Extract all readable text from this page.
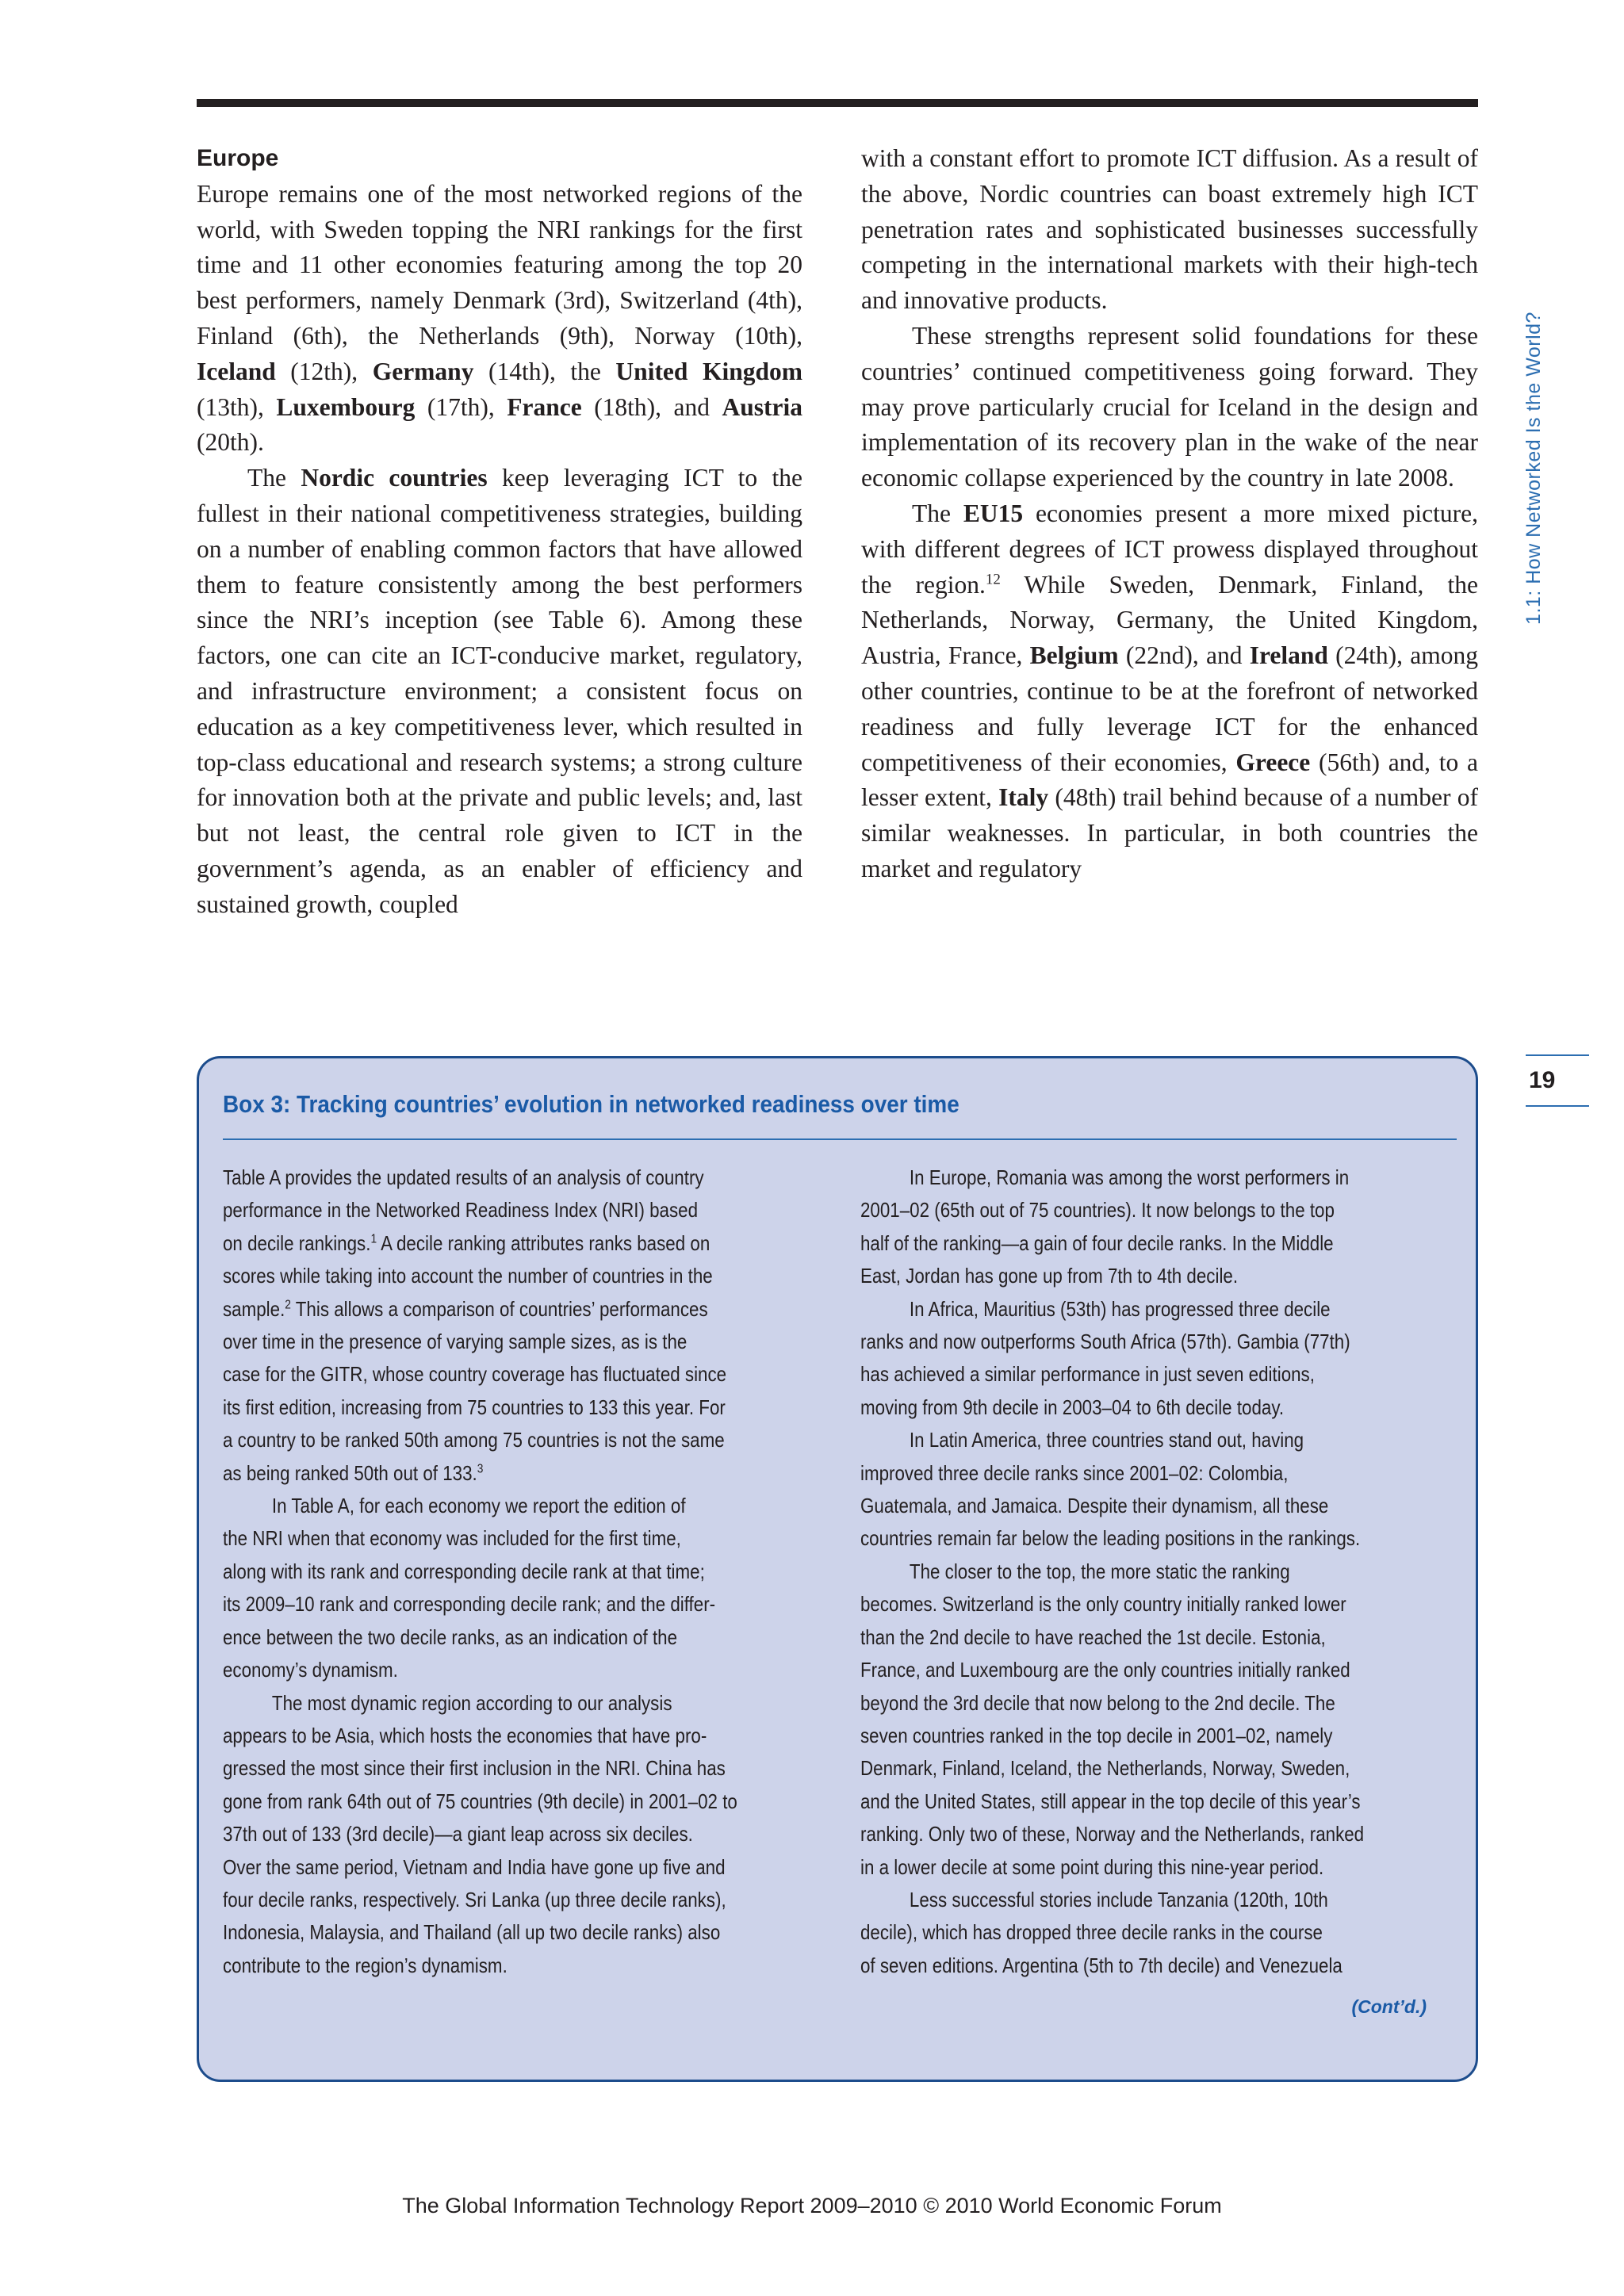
1.1: How Networked Is the World?
19
Europe

Europe remains one of the most networked regions of the world, with Sweden topping the NRI rankings for the first time and 11 other economies featuring among the top 20 best performers, namely Denmark (3rd), Switzerland (4th), Finland (6th), the Netherlands (9th), Norway (10th), Iceland (12th), Germany (14th), the United Kingdom (13th), Luxembourg (17th), France (18th), and Austria (20th).

The Nordic countries keep leveraging ICT to the fullest in their national competitiveness strategies, building on a number of enabling common factors that have allowed them to feature consistently among the best performers since the NRI’s inception (see Table 6). Among these factors, one can cite an ICT-conducive market, regulatory, and infrastructure environment; a consistent focus on education as a key competitiveness lever, which resulted in top-class educational and research systems; a strong culture for innovation both at the private and public levels; and, last but not least, the central role given to ICT in the government’s agenda, as an enabler of efficiency and sustained growth, coupled

with a constant effort to promote ICT diffusion. As a result of the above, Nordic countries can boast extremely high ICT penetration rates and sophisticated businesses successfully competing in the international markets with their high-tech and innovative products.

These strengths represent solid foundations for these countries’ continued competitiveness going forward. They may prove particularly crucial for Iceland in the design and implementation of its recovery plan in the wake of the near economic collapse experienced by the country in late 2008.

The EU15 economies present a more mixed picture, with different degrees of ICT prowess displayed throughout the region.$^{12}$ While Sweden, Denmark, Finland, the Netherlands, Norway, Germany, the United Kingdom, Austria, France, Belgium (22nd), and Ireland (24th), among other countries, continue to be at the forefront of networked readiness and fully leverage ICT for the enhanced competitiveness of their economies, Greece (56th) and, to a lesser extent, Italy (48th) trail behind because of a number of similar weaknesses. In particular, in both countries the market and regulatory

Box 3: Tracking countries’ evolution in networked readiness over time

Table A provides the updated results of an analysis of country

performance in the Networked Readiness Index (NRI) based

on decile rankings.$^1$ A decile ranking attributes ranks based on

scores while taking into account the number of countries in the

sample.$^2$ This allows a comparison of countries’ performances

over time in the presence of varying sample sizes, as is the

case for the GITR, whose country coverage has fluctuated since

its first edition, increasing from 75 countries to 133 this year. For

a country to be ranked 50th among 75 countries is not the same

as being ranked 50th out of 133.$^3$

In Table A, for each economy we report the edition of

the NRI when that economy was included for the first time,

along with its rank and corresponding decile rank at that time;

its 2009–10 rank and corresponding decile rank; and the differ-

ence between the two decile ranks, as an indication of the

economy’s dynamism.

The most dynamic region according to our analysis

appears to be Asia, which hosts the economies that have pro-

gressed the most since their first inclusion in the NRI. China has

gone from rank 64th out of 75 countries (9th decile) in 2001–02 to

37th out of 133 (3rd decile)—a giant leap across six deciles.

Over the same period, Vietnam and India have gone up five and

four decile ranks, respectively. Sri Lanka (up three decile ranks),

Indonesia, Malaysia, and Thailand (all up two decile ranks) also

contribute to the region’s dynamism.

In Europe, Romania was among the worst performers in

2001–02 (65th out of 75 countries). It now belongs to the top

half of the ranking—a gain of four decile ranks. In the Middle

East, Jordan has gone up from 7th to 4th decile.

In Africa, Mauritius (53th) has progressed three decile

ranks and now outperforms South Africa (57th). Gambia (77th)

has achieved a similar performance in just seven editions,

moving from 9th decile in 2003–04 to 6th decile today.

In Latin America, three countries stand out, having

improved three decile ranks since 2001–02: Colombia,

Guatemala, and Jamaica. Despite their dynamism, all these

countries remain far below the leading positions in the rankings.

The closer to the top, the more static the ranking

becomes. Switzerland is the only country initially ranked lower

than the 2nd decile to have reached the 1st decile. Estonia,

France, and Luxembourg are the only countries initially ranked

beyond the 3rd decile that now belong to the 2nd decile. The

seven countries ranked in the top decile in 2001–02, namely

Denmark, Finland, Iceland, the Netherlands, Norway, Sweden,

and the United States, still appear in the top decile of this year’s

ranking. Only two of these, Norway and the Netherlands, ranked

in a lower decile at some point during this nine-year period.

Less successful stories include Tanzania (120th, 10th

decile), which has dropped three decile ranks in the course

of seven editions. Argentina (5th to 7th decile) and Venezuela

(Cont’d.)
The Global Information Technology Report 2009–2010 © 2010 World Economic Forum
